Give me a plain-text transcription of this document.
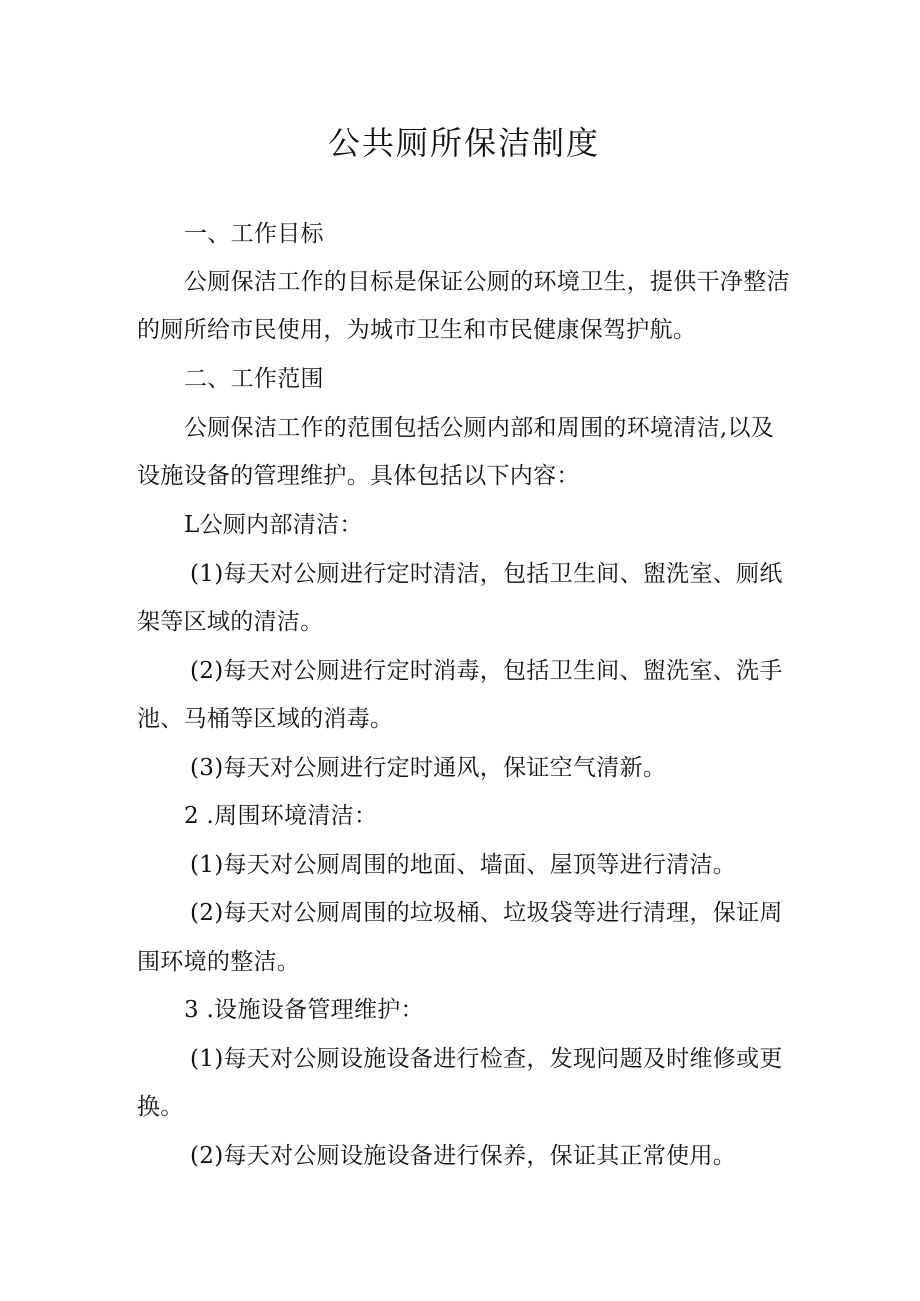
公共厕所保洁制度

一、工作目标

公厕保洁工作的目标是保证公厕的环境卫生，提供干净整洁

的厕所给市民使用，为城市卫生和市民健康保驾护航。

二、工作范围

公厕保洁工作的范围包括公厕内部和周围的环境清洁,以及

设施设备的管理维护。具体包括以下内容：

L公厕内部清洁：

(1)每天对公厕进行定时清洁，包括卫生间、盥洗室、厕纸

架等区域的清洁。

(2)每天对公厕进行定时消毒，包括卫生间、盥洗室、洗手

池、马桶等区域的消毒。

(3)每天对公厕进行定时通风，保证空气清新。

2 .周围环境清洁：

(1)每天对公厕周围的地面、墙面、屋顶等进行清洁。

(2)每天对公厕周围的垃圾桶、垃圾袋等进行清理，保证周

围环境的整洁。

3 .设施设备管理维护：

(1)每天对公厕设施设备进行检查，发现问题及时维修或更

换。

(2)每天对公厕设施设备进行保养，保证其正常使用。
